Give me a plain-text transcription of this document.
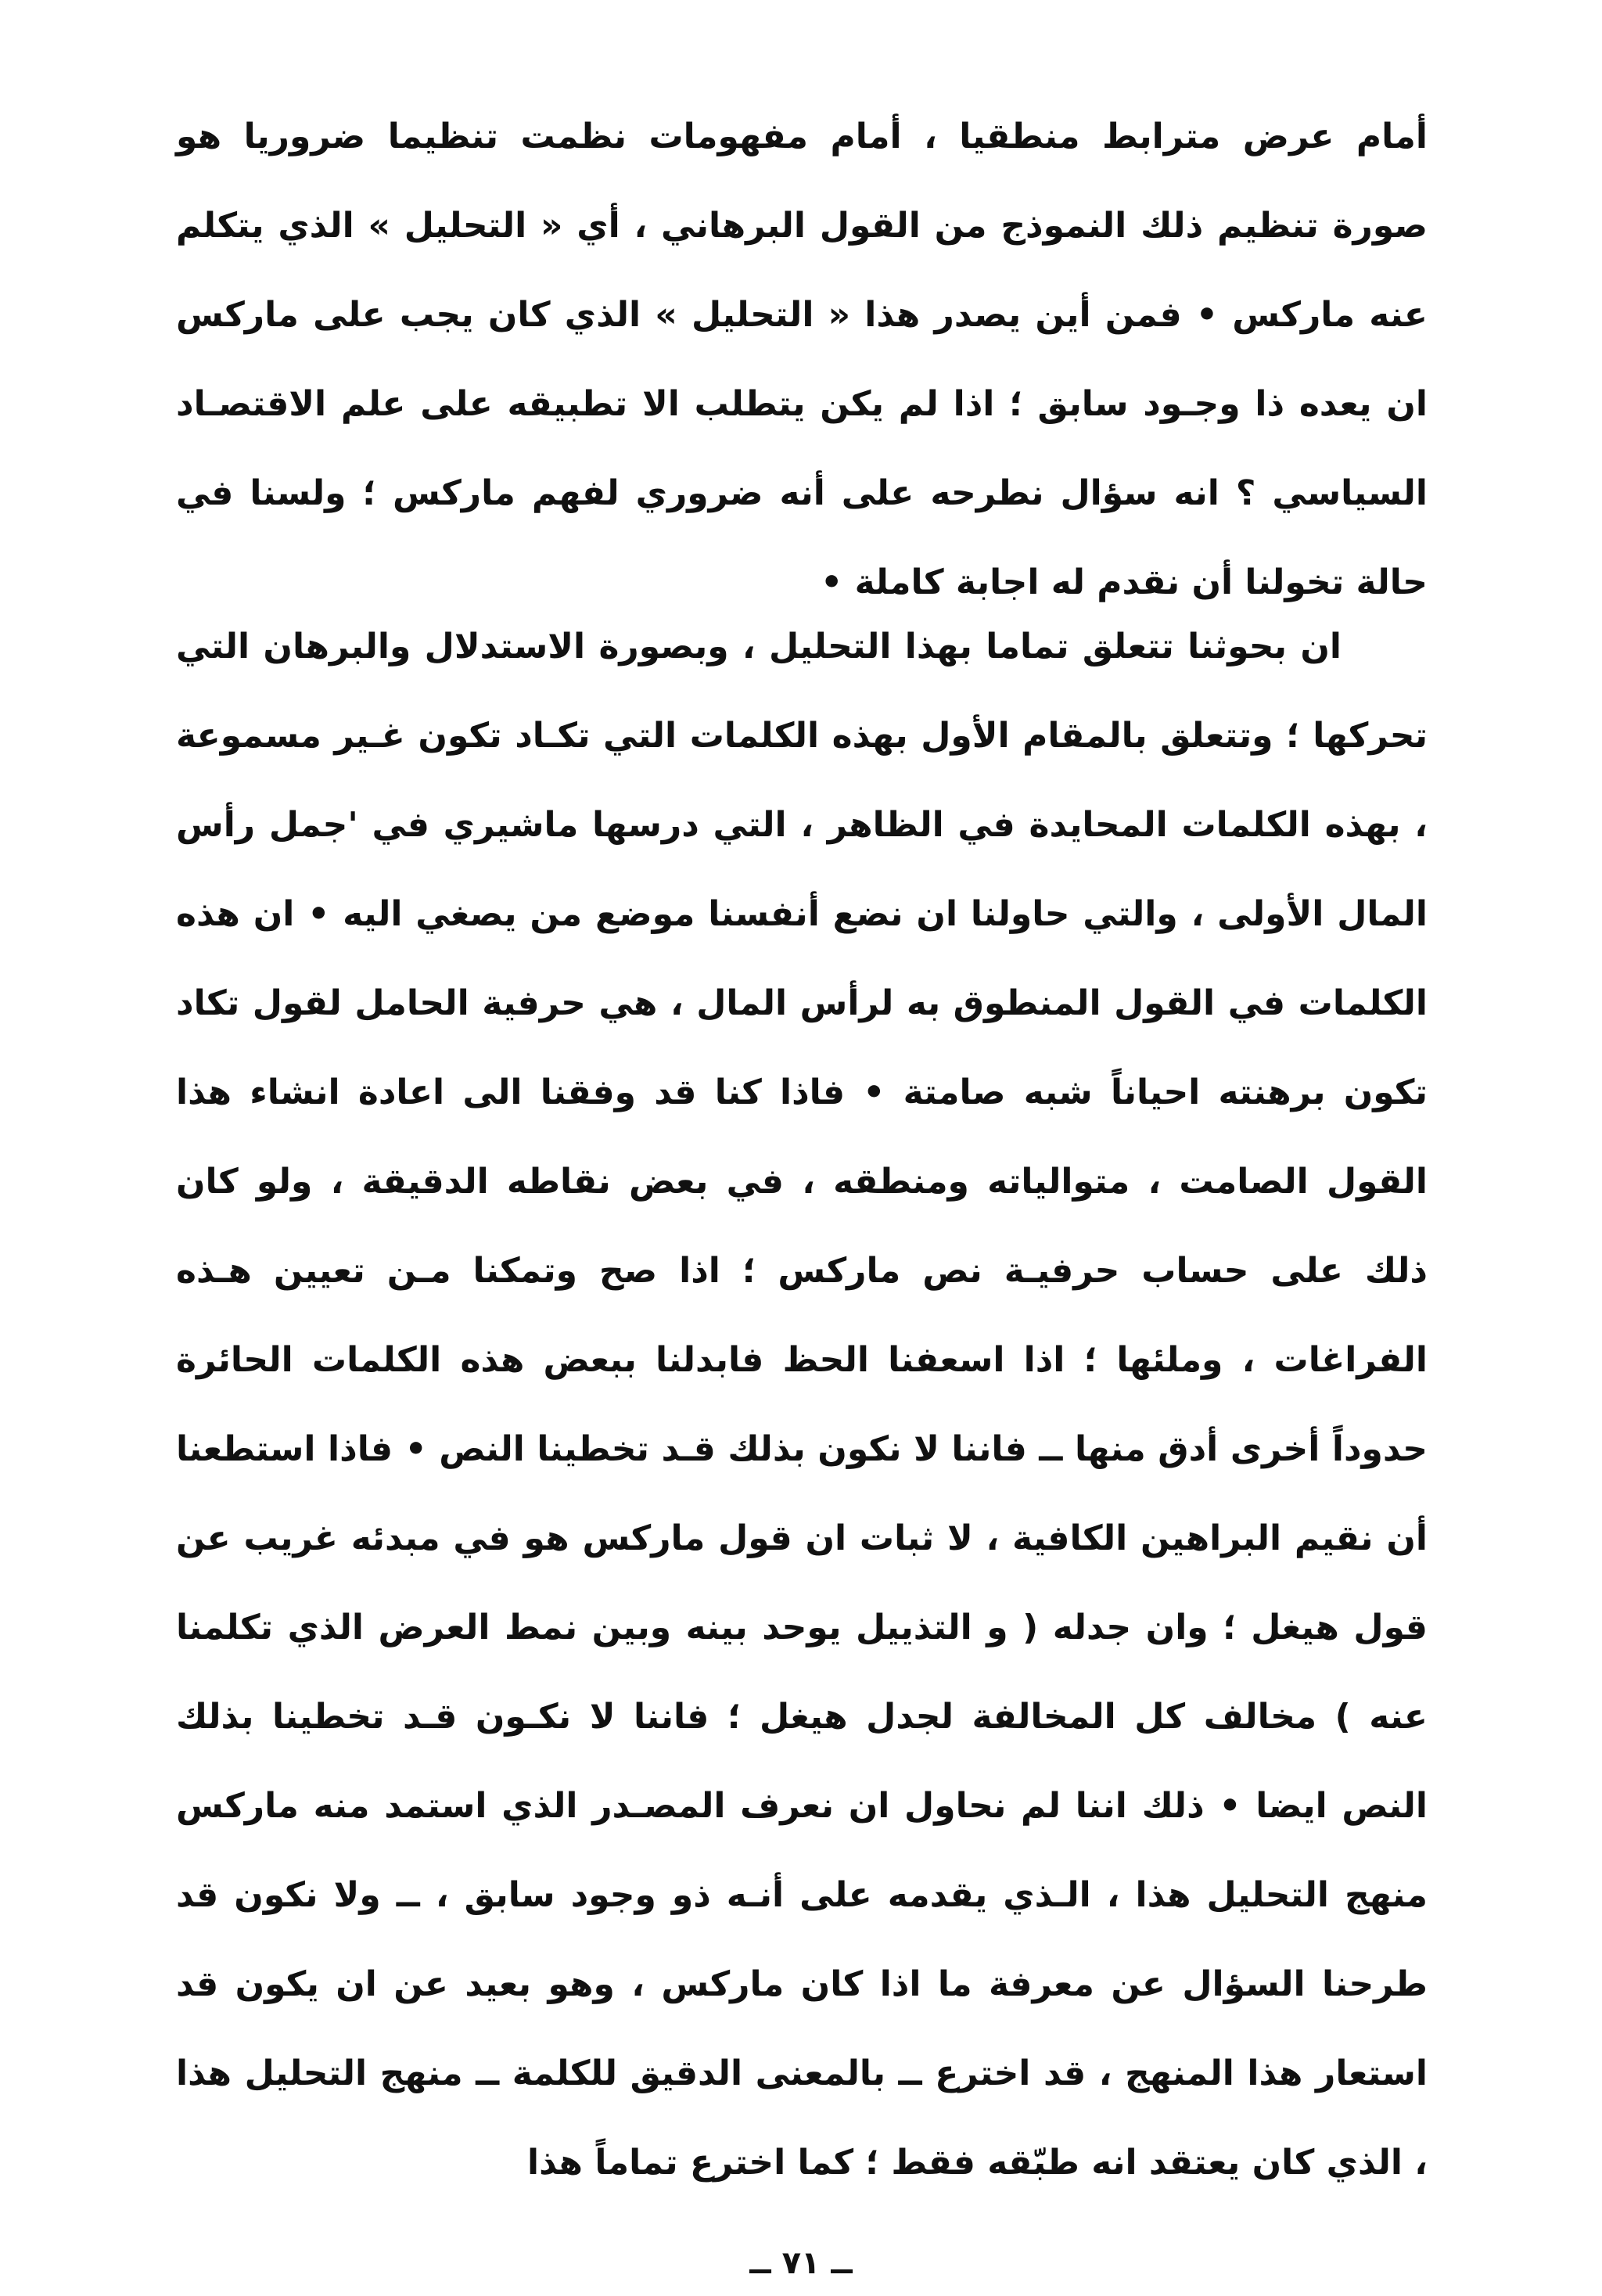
أمام عرض مترابط منطقيا ، أمام مفهومات نظمت تنظيما ضروريا هو صورة تنظيم ذلك النموذج من القول البرهاني ، أي « التحليل » الذي يتكلم عنه ماركس • فمن أين يصدر هذا « التحليل » الذي كان يجب على ماركس ان يعده ذا وجـود سابق ؛ اذا لم يكن يتطلب الا تطبيقه على علم الاقتصـاد السياسي ؟ انه سؤال نطرحه على أنه ضروري لفهم ماركس ؛ ولسنا في حالة تخولنا أن نقدم له اجابة كاملة •

ان بحوثنا تتعلق تماما بهذا التحليل ، وبصورة الاستدلال والبرهان التي تحركها ؛ وتتعلق بالمقام الأول بهذه الكلمات التي تكـاد تكون غـير مسموعة ، بهذه الكلمات المحايدة في الظاهر ، التي درسها ماشيري في 'جمل رأس المال الأولى ، والتي حاولنا ان نضع أنفسنا موضع من يصغي اليه • ان هذه الكلمات في القول المنطوق به لرأس المال ، هي حرفية الحامل لقول تكاد تكون برهنته احياناً شبه صامتة • فاذا كنا قد وفقنا الى اعادة انشاء هذا القول الصامت ، متوالياته ومنطقه ، في بعض نقاطه الدقيقة ، ولو كان ذلك على حساب حرفيـة نص ماركس ؛ اذا صح وتمكنا مـن تعيين هـذه الفراغات ، وملئها ؛ اذا اسعفنا الحظ فابدلنا ببعض هذه الكلمات الحائرة حدوداً أخرى أدق منها ــ فاننا لا نكون بذلك قـد تخطينا النص • فاذا استطعنا أن نقيم البراهين الكافية ، لا ثبات ان قول ماركس هو في مبدئه غريب عن قول هيغل ؛ وان جدله ( و التذييل يوحد بينه وبين نمط العرض الذي تكلمنا عنه ) مخالف كل المخالفة لجدل هيغل ؛ فاننا لا نكـون قـد تخطينا بذلك النص ايضا • ذلك اننا لم نحاول ان نعرف المصـدر الذي استمد منه ماركس منهج التحليل هذا ، الـذي يقدمه على أنـه ذو وجود سابق ، ــ ولا نكون قد طرحنا السؤال عن معرفة ما اذا كان ماركس ، وهو بعيد عن ان يكون قد استعار هذا المنهج ، قد اخترع ــ بالمعنى الدقيق للكلمة ــ منهج التحليل هذا ، الذي كان يعتقد انه طبّقه فقط ؛ كما اخترع تماماً هذا

ــ ٧١ ــ
